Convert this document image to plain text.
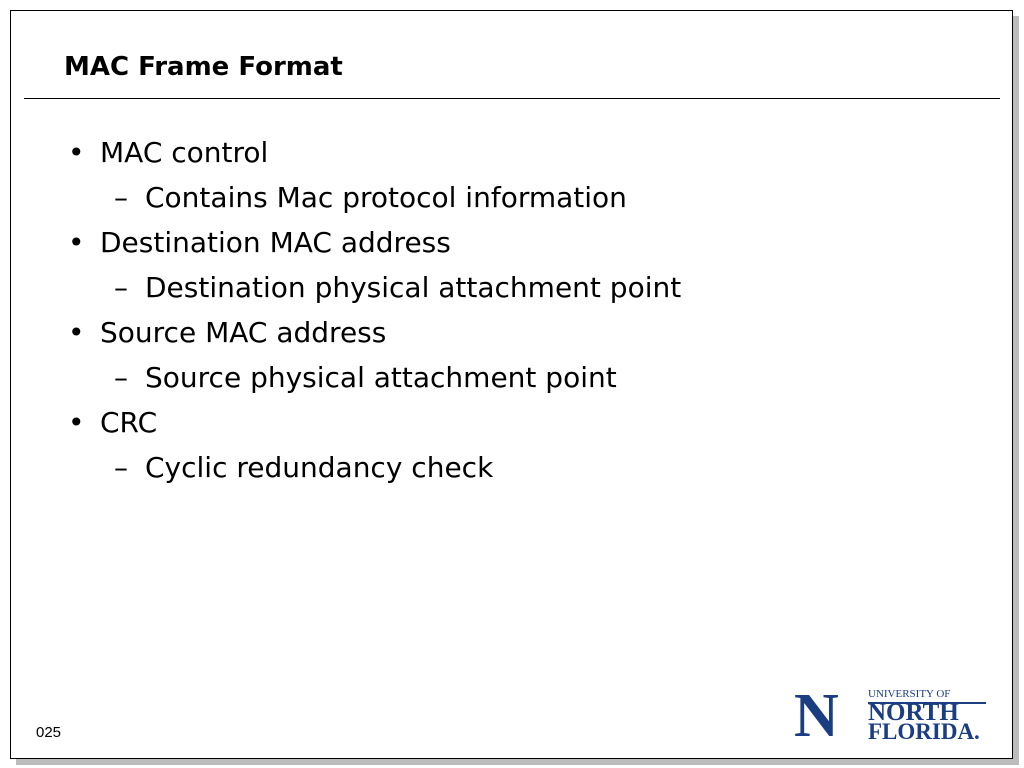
MAC Frame Format
• MAC control
– Contains Mac protocol information
• Destination MAC address
– Destination physical attachment point
• Source MAC address
– Source physical attachment point
• CRC
– Cyclic redundancy check
025	N	UNIVERSITY OF
NORTH
FLORIDA.
